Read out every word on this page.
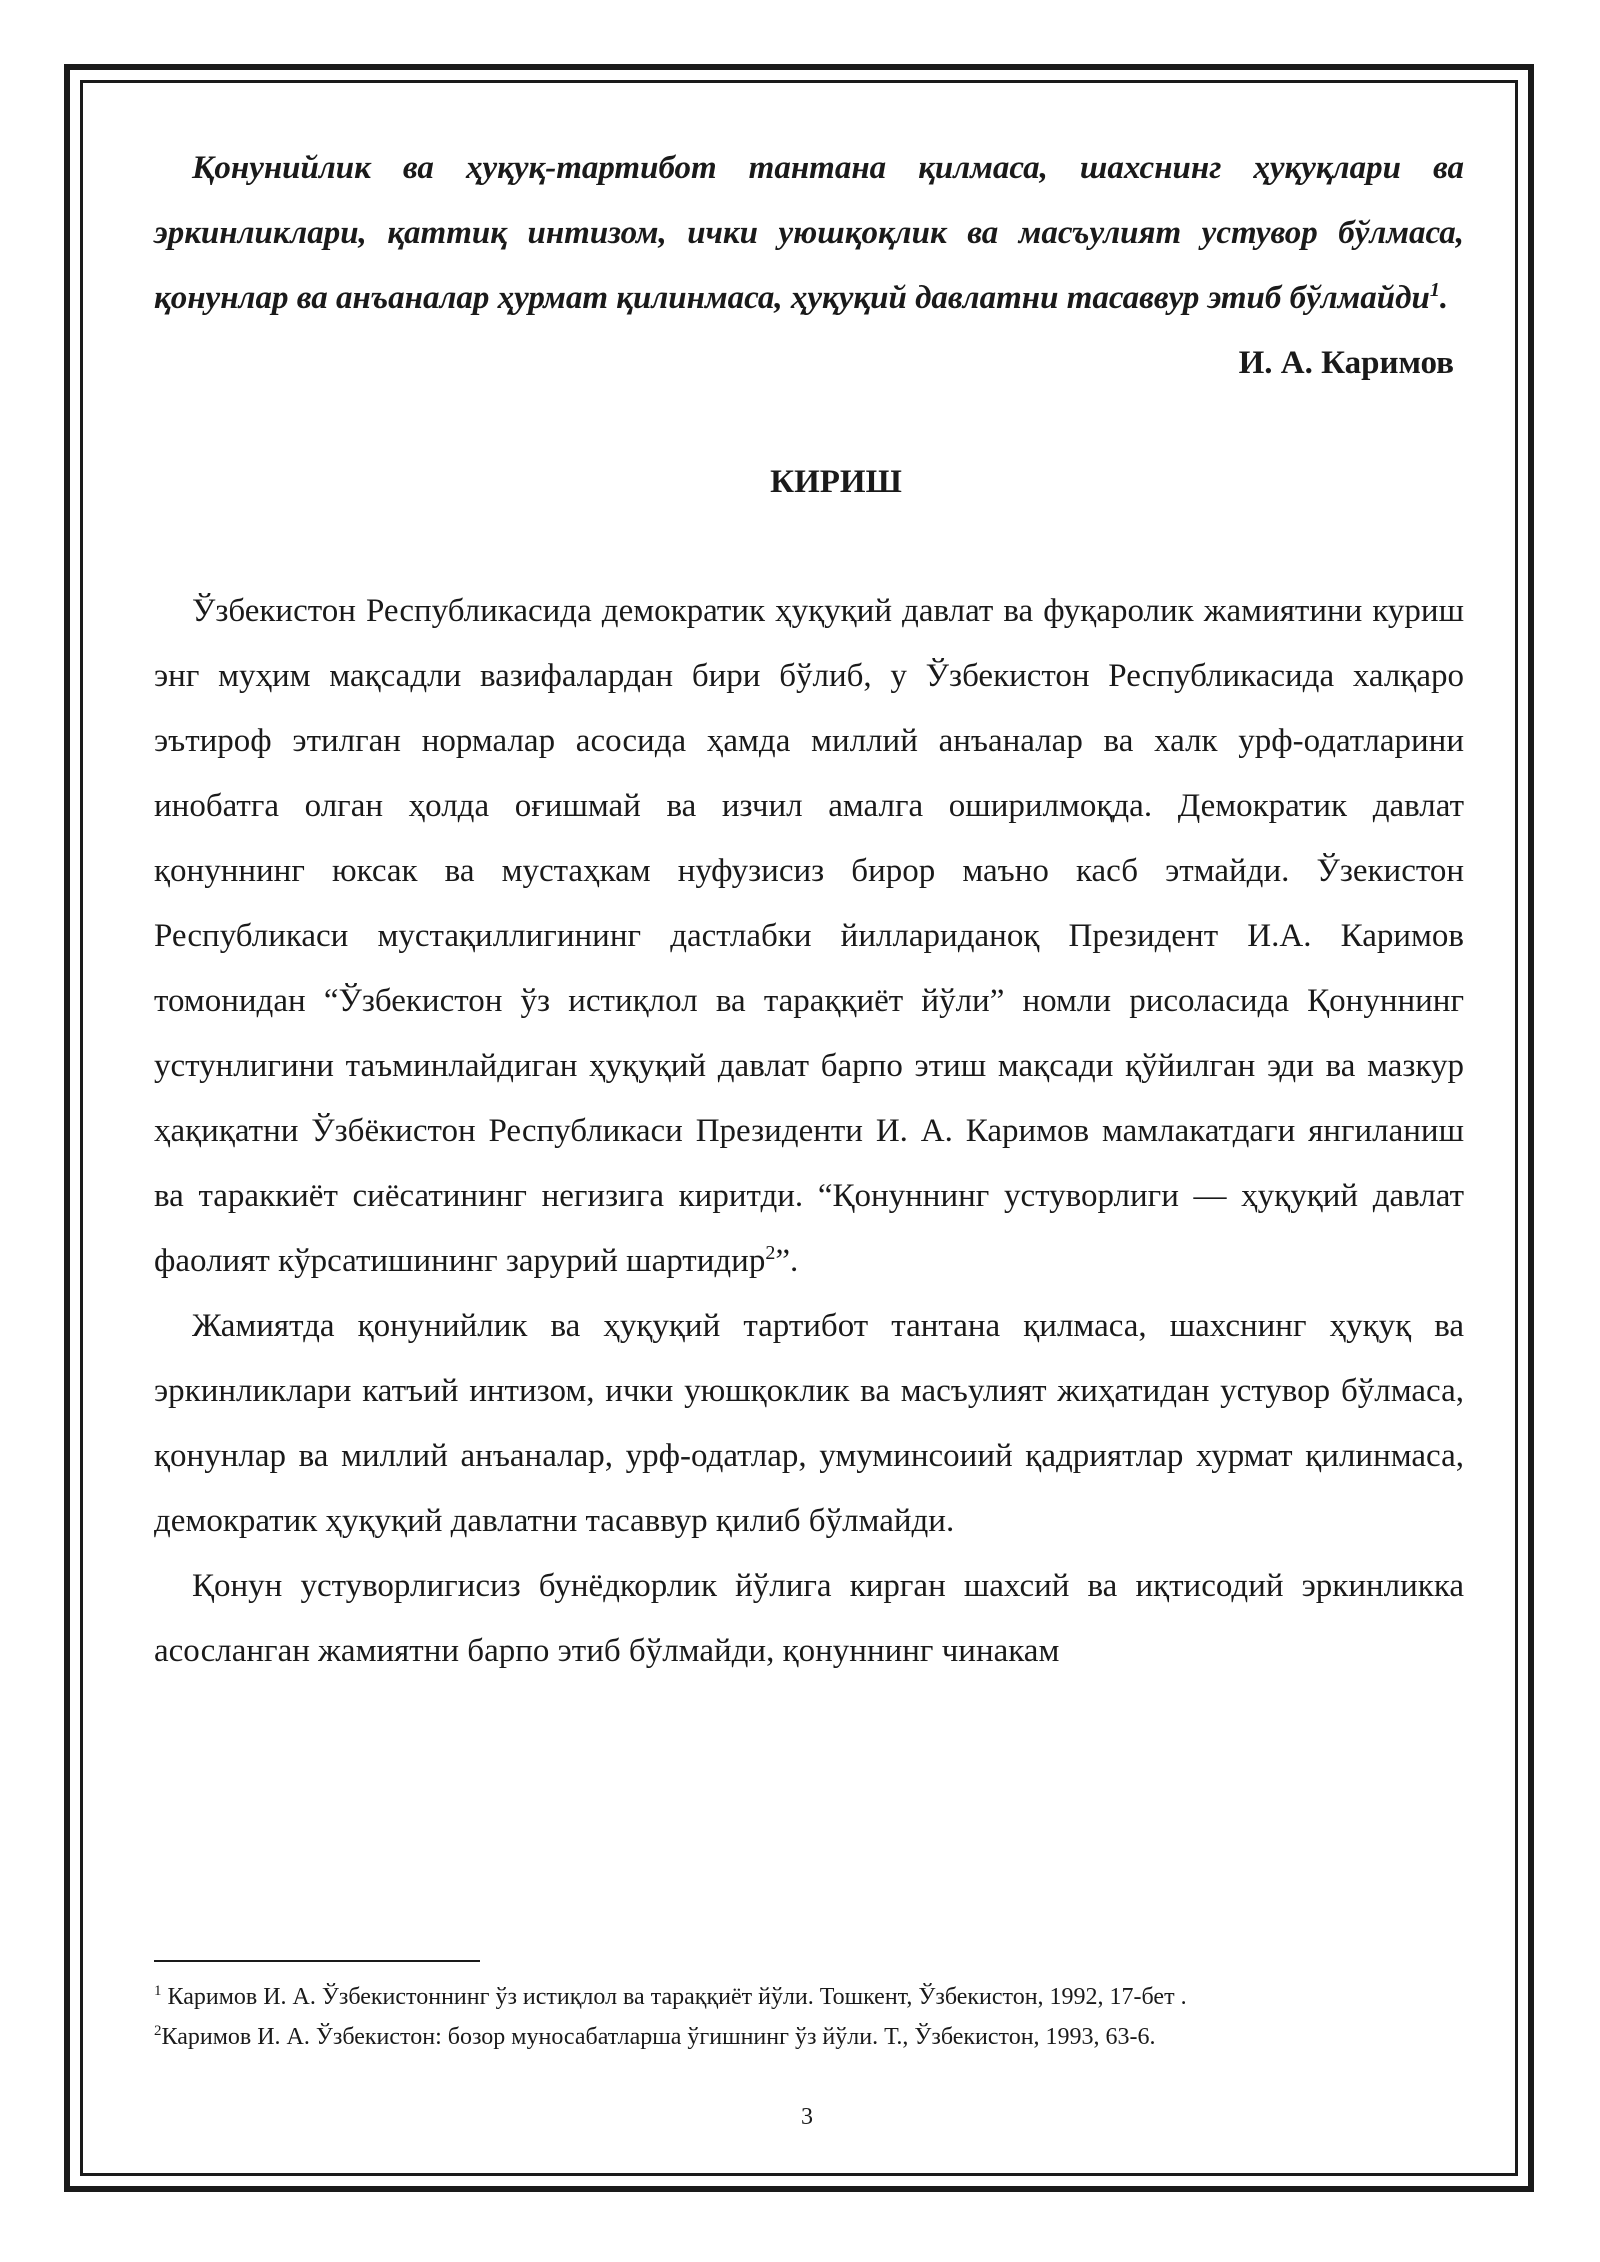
Қонунийлик ва ҳуқуқ-тартибот тантана қилмаса, шахснинг ҳуқуқлари ва эркинликлари, қаттиқ интизом, ички уюшқоқлик ва масъулият устувор бўлмаса, қонунлар ва анъаналар ҳурмат қилинмаса, ҳуқуқий давлатни тасаввур этиб бўлмайди$^1$.

И. А. Каримов

КИРИШ

Ўзбекистон Республикасида демократик ҳуқуқий давлат ва фуқаролик жамиятини куриш энг муҳим мақсадли вазифалардан бири бўлиб, у Ўзбекистон Республикасида халқаро эътироф этилган нормалар асосида ҳамда миллий анъаналар ва халк урф-одатларини инобатга олган ҳолда оғишмай ва изчил амалга оширилмоқда. Демократик давлат қонуннинг юксак ва мустаҳкам нуфузисиз бирор маъно касб этмайди. Ўзекистон Республикаси мустақиллигининг дастлабки йиллариданоқ Президент И.А. Каримов томонидан “Ўзбекистон ўз истиқлол ва тараққиёт йўли” номли рисоласида Қонуннинг устунлигини таъминлайдиган ҳуқуқий давлат барпо этиш мақсади қўйилган эди ва мазкур ҳақиқатни Ўзбёкистон Республикаси Президенти И. А. Каримов мамлакатдаги янгиланиш ва тараккиёт сиёсатининг негизига киритди. “Қонуннинг устуворлиги — ҳуқуқий давлат фаолият кўрсатишининг зарурий шартидир$^2$”.

Жамиятда қонунийлик ва ҳуқуқий тартибот тантана қилмаса, шахснинг ҳуқуқ ва эркинликлари катъий интизом, ички уюшқоклик ва масъулият жиҳатидан устувор бўлмаса, қонунлар ва миллий анъаналар, урф-одатлар, умуминсоиий қадриятлар хурмат қилинмаса, демократик ҳуқуқий давлатни тасаввур қилиб бўлмайди.

Қонун устуворлигисиз бунёдкорлик йўлига кирган шахсий ва иқтисодий эркинликка асосланган жамиятни барпо этиб бўлмайди, қонуннинг чинакам

$^1$ Каримов И. А. Ўзбекистоннинг ўз истиқлол ва тараққиёт йўли. Тошкент, Ўзбекистон, 1992, 17-бет .

$^2$Каримов И. А. Ўзбекистон: бозор муносабатларша ўгишнинг ўз йўли. Т., Ўзбекистон, 1993, 63-6.

3
